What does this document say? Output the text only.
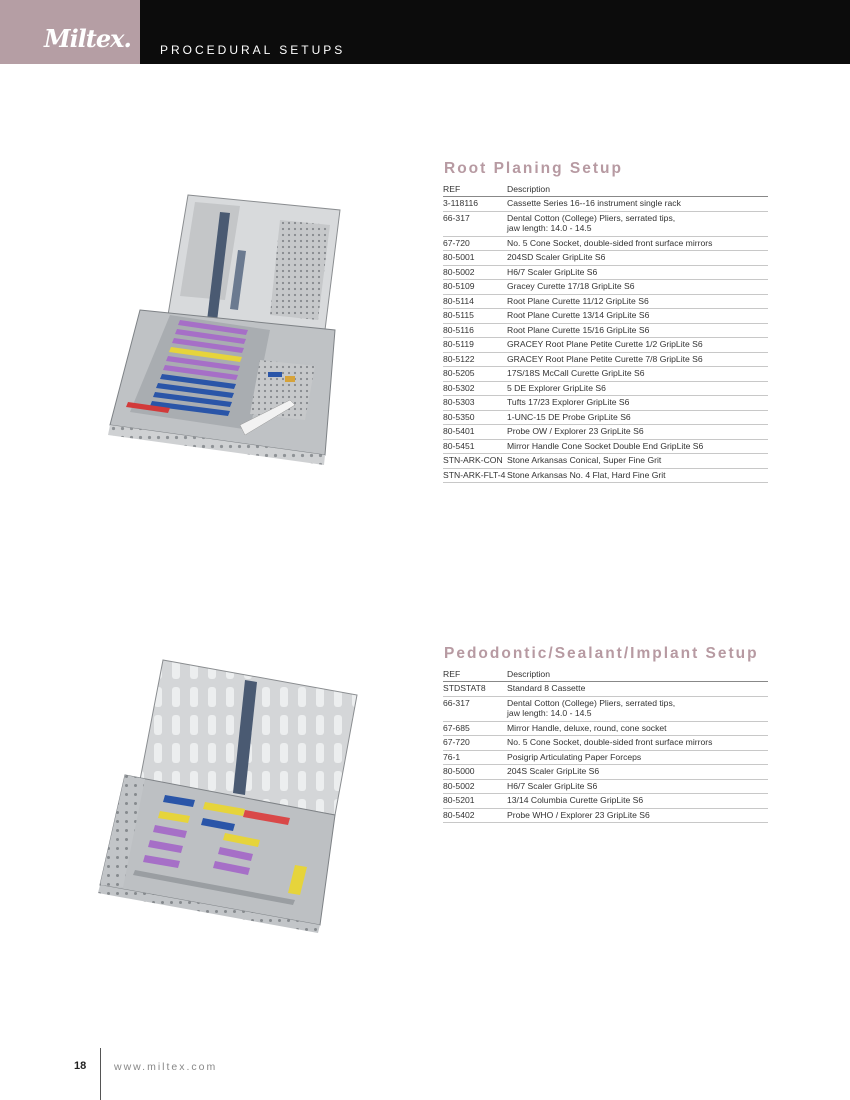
Miltex. PROCEDURAL SETUPS
Root Planing Setup
REF	Description
3-118116	Cassette Series 16--16 instrument single rack

66-317	Dental Cotton (College) Pliers, serrated tips,
jaw length: 14.0 - 14.5

67-720	No. 5 Cone Socket, double-sided front surface mirrors

80-5001	204SD Scaler GripLite S6

80-5002	H6/7 Scaler GripLite S6

80-5109	Gracey Curette 17/18 GripLite S6

80-5114	Root Plane Curette 11/12 GripLite S6

80-5115	Root Plane Curette 13/14 GripLite S6

80-5116	Root Plane Curette 15/16 GripLite S6

80-5119	GRACEY Root Plane Petite Curette 1/2 GripLite S6

80-5122	GRACEY Root Plane Petite Curette 7/8 GripLite S6

80-5205	17S/18S McCall Curette GripLite S6

80-5302	5 DE Explorer GripLite S6

80-5303	Tufts 17/23 Explorer GripLite S6

80-5350	1-UNC-15 DE Probe GripLite S6

80-5401	Probe OW / Explorer 23 GripLite S6

80-5451	Mirror Handle Cone Socket Double End GripLite S6

STN-ARK-CON	Stone Arkansas Conical, Super Fine Grit

STN-ARK-FLT-4	Stone Arkansas No. 4 Flat, Hard Fine Grit
Pedodontic/Sealant/Implant Setup
REF	Description
STDSTAT8	Standard 8 Cassette

66-317	Dental Cotton (College) Pliers, serrated tips,
jaw length: 14.0 - 14.5

67-685	Mirror Handle, deluxe, round, cone socket

67-720	No. 5 Cone Socket, double-sided front surface mirrors

76-1	Posigrip Articulating Paper Forceps

80-5000	204S Scaler GripLite S6

80-5002	H6/7 Scaler GripLite S6

80-5201	13/14 Columbia Curette GripLite S6

80-5402	Probe WHO / Explorer 23 GripLite S6
18	www.miltex.com
